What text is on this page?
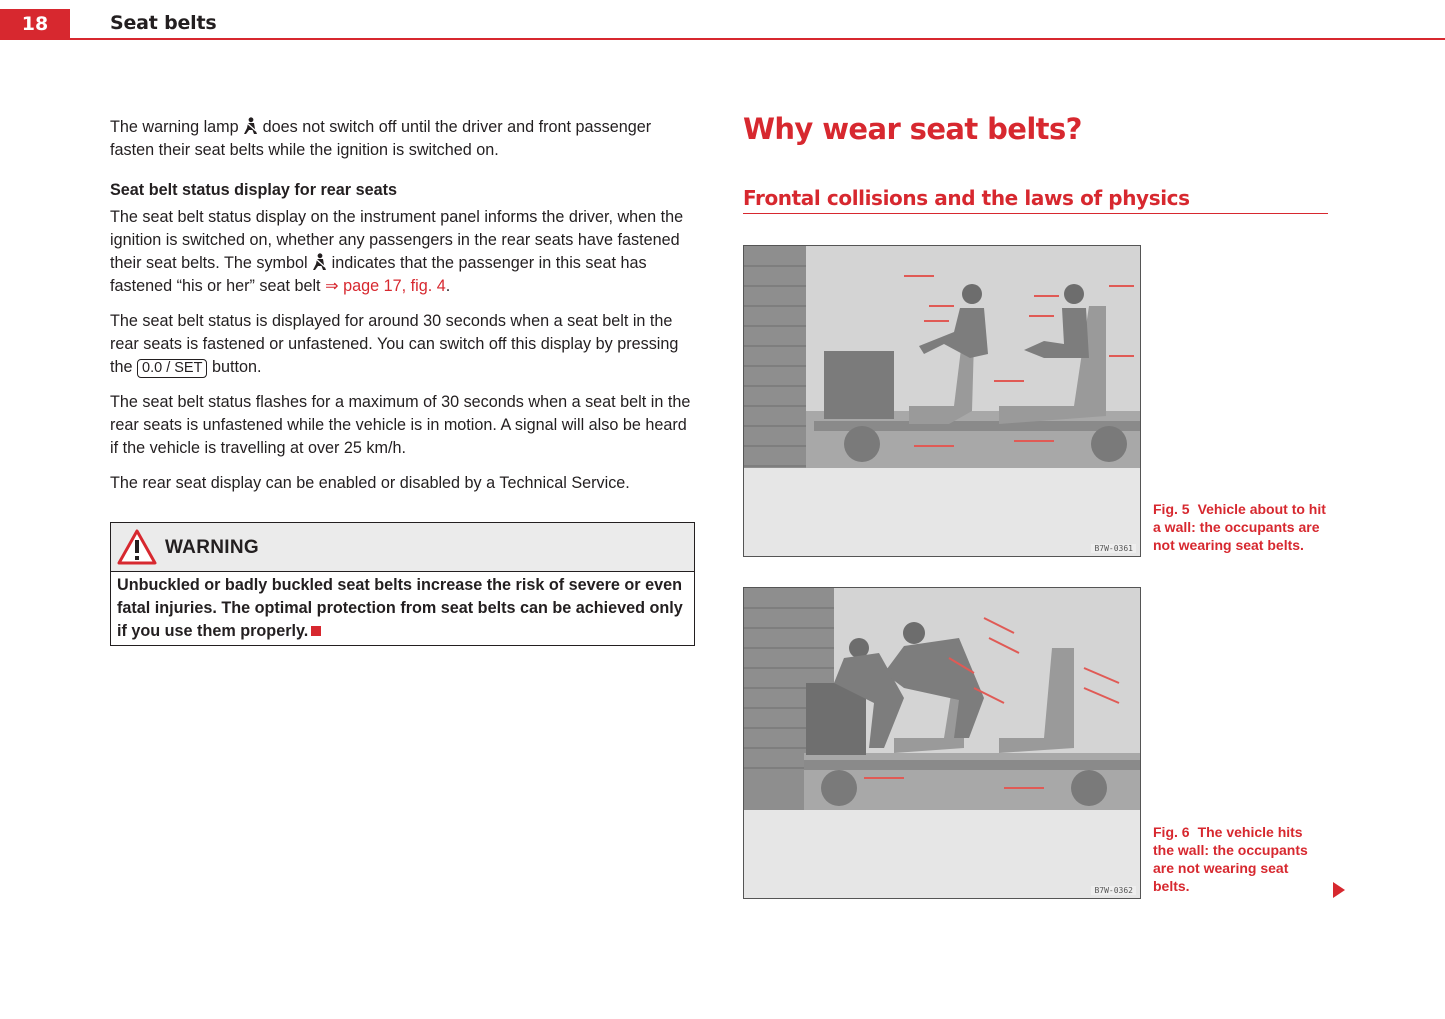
18	Seat belts

The warning lamp does not switch off until the driver and front passenger fasten their seat belts while the ignition is switched on.

Seat belt status display for rear seats

The seat belt status display on the instrument panel informs the driver, when the ignition is switched on, whether any passengers in the rear seats have fastened their seat belts. The symbol indicates that the passenger in this seat has fastened “his or her” seat belt ⇒ page 17, fig. 4.

The seat belt status is displayed for around 30 seconds when a seat belt in the rear seats is fastened or unfastened. You can switch off this display by pressing the 0.0 / SET button.

The seat belt status flashes for a maximum of 30 seconds when a seat belt in the rear seats is unfastened while the vehicle is in motion. A signal will also be heard if the vehicle is travelling at over 25 km/h.

The rear seat display can be enabled or disabled by a Technical Service.

WARNING
Unbuckled or badly buckled seat belts increase the risk of severe or even fatal injuries. The optimal protection from seat belts can be achieved only if you use them properly.
Why wear seat belts?
Frontal collisions and the laws of physics
B7W-0361
Fig. 5 Vehicle about to hit a wall: the occupants are not wearing seat belts.
B7W-0362
Fig. 6 The vehicle hits the wall: the occupants are not wearing seat belts.
